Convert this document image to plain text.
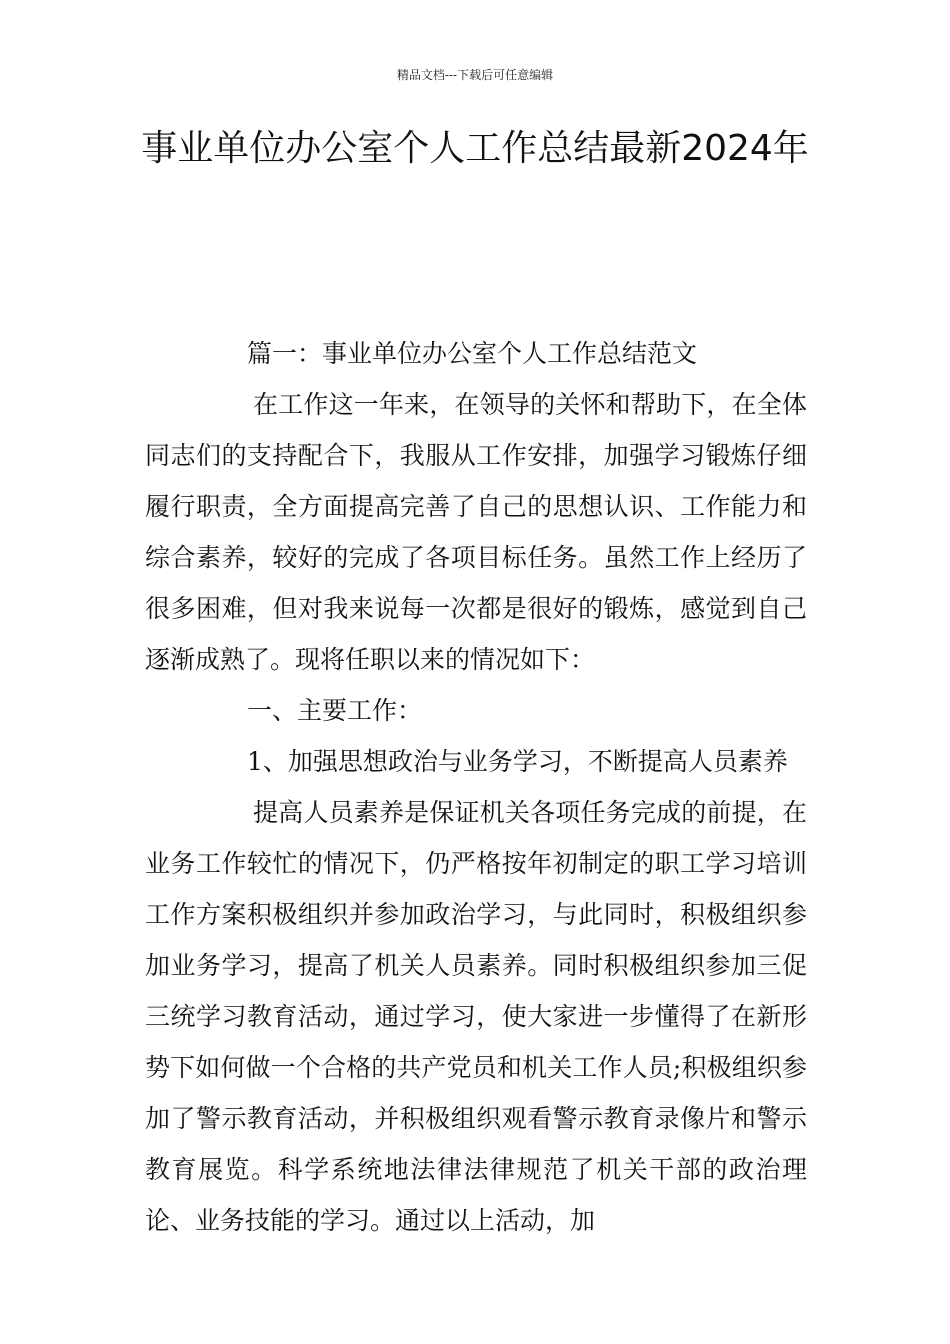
精品文档---下载后可任意编辑
事业单位办公室个人工作总结最新2024年

篇一：事业单位办公室个人工作总结范文

在工作这一年来，在领导的关怀和帮助下，在全体同志们的支持配合下，我服从工作安排，加强学习锻炼仔细履行职责，全方面提高完善了自己的思想认识、工作能力和综合素养，较好的完成了各项目标任务。虽然工作上经历了很多困难，但对我来说每一次都是很好的锻炼，感觉到自己逐渐成熟了。现将任职以来的情况如下：

一、主要工作：

1、加强思想政治与业务学习，不断提高人员素养

提高人员素养是保证机关各项任务完成的前提，在业务工作较忙的情况下，仍严格按年初制定的职工学习培训工作方案积极组织并参加政治学习，与此同时，积极组织参加业务学习，提高了机关人员素养。同时积极组织参加三促三统学习教育活动，通过学习，使大家进一步懂得了在新形势下如何做一个合格的共产党员和机关工作人员;积极组织参加了警示教育活动，并积极组织观看警示教育录像片和警示教育展览。科学系统地法律法律规范了机关干部的政治理论、业务技能的学习。通过以上活动，加
